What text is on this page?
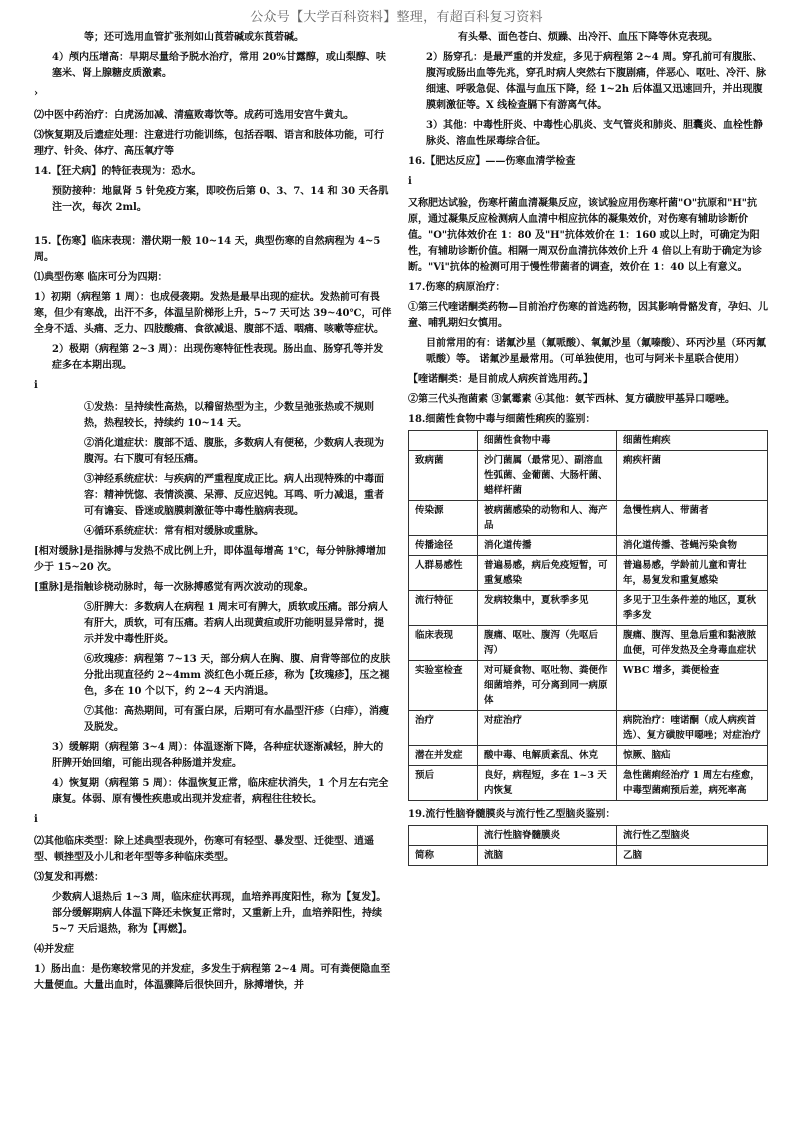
公众号【大学百科资料】整理，有超百科复习资料
等；还可选用血管扩张剂如山莨菪碱或东莨菪碱。
4）颅内压增高：早期尽量给予脱水治疗，常用 20%甘露醇，或山梨醇、呋塞米、肾上腺糖皮质激素。
›
⑵中医中药治疗：白虎汤加减、清瘟败毒饮等。成药可选用安宫牛黄丸。
⑶恢复期及后遗症处理：注意进行功能训练，包括吞咽、语言和肢体功能，可行理疗、针灸、体疗、高压氧疗等
14.【狂犬病】的特征表现为：恐水。
预防接种：地鼠肾 5 针免疫方案，即咬伤后第 0、3、7、14 和 30 天各肌注一次，每次 2ml。
15.【伤寒】临床表现：潜伏期一般 10~14 天，典型伤寒的自然病程为 4~5 周。
⑴典型伤寒 临床可分为四期：
1）初期（病程第 1 周）：也成侵袭期。发热是最早出现的症状。发热前可有畏寒，但少有寒战，出汗不多，体温呈阶梯形上升，5~7 天可达 39~40℃，可伴全身不适、头痛、乏力、四肢酸痛、食欲减退、腹部不适、咽痛、咳嗽等症状。
2）极期（病程第 2~3 周）：出现伤寒特征性表现。肠出血、肠穿孔等并发症多在本期出现。
ⅰ
①发热：呈持续性高热，以稽留热型为主，少数呈弛张热或不规则热，热程较长，持续约 10~14 天。
②消化道症状：腹部不适、腹胀，多数病人有便秘，少数病人表现为腹泻。右下腹可有轻压痛。
③神经系统症状：与疾病的严重程度成正比。病人出现特殊的中毒面容：精神恍惚、表情淡漠、呆滞、反应迟钝。耳鸣、听力减退，重者可有谵妄、昏迷或脑膜刺激征等中毒性脑病表现。
④循环系统症状：常有相对缓脉或重脉。
[相对缓脉]是指脉搏与发热不成比例上升，即体温每增高 1℃，每分钟脉搏增加少于 15~20 次。
[重脉]是指触诊桡动脉时，每一次脉搏感觉有两次波动的现象。
⑤肝脾大：多数病人在病程 1 周末可有脾大，质软或压痛。部分病人有肝大，质软，可有压痛。若病人出现黄疸或肝功能明显异常时，提示并发中毒性肝炎。
⑥玫瑰疹：病程第 7~13 天，部分病人在胸、腹、肩背等部位的皮肤分批出现直径约 2~4mm 淡红色小斑丘疹，称为【玫瑰疹】，压之褪色，多在 10 个以下，约 2~4 天内消退。
⑦其他：高热期间，可有蛋白尿，后期可有水晶型汗疹（白痱），消瘦及脱发。
3）缓解期（病程第 3~4 周）：体温逐渐下降，各种症状逐渐减轻，肿大的肝脾开始回缩，可能出现各种肠道并发症。
4）恢复期（病程第 5 周）：体温恢复正常，临床症状消失，1 个月左右完全康复。体弱、原有慢性疾患或出现并发症者，病程往往较长。
ⅰ
⑵其他临床类型：除上述典型表现外，伤寒可有轻型、暴发型、迁徙型、逍遥型、顿挫型及小儿和老年型等多种临床类型。
⑶复发和再燃：
少数病人退热后 1~3 周，临床症状再现，血培养再度阳性，称为【复发】。部分缓解期病人体温下降还未恢复正常时，又重新上升，血培养阳性，持续 5~7 天后退热，称为【再燃】。
⑷并发症
1）肠出血：是伤寒较常见的并发症，多发生于病程第 2~4 周。可有粪便隐血至大量便血。大量出血时，体温骤降后很快回升，脉搏增快，并
有头晕、面色苍白、烦躁、出冷汗、血压下降等休克表现。
2）肠穿孔：是最严重的并发症，多见于病程第 2~4 周。穿孔前可有腹胀、腹泻或肠出血等先兆，穿孔时病人突然右下腹剧痛，伴恶心、呕吐、冷汗、脉细速、呼吸急促、体温与血压下降，经 1~2h 后体温又迅速回升，并出现腹膜刺激征等。X 线检查膈下有游离气体。
3）其他：中毒性肝炎、中毒性心肌炎、支气管炎和肺炎、胆囊炎、血栓性静脉炎、溶血性尿毒综合征。
16.【肥达反应】——伤寒血清学检查
ⅰ
又称肥达试验，伤寒杆菌血清凝集反应，该试验应用伤寒杆菌"O"抗原和"H"抗原，通过凝集反应检测病人血清中相应抗体的凝集效价，对伤寒有辅助诊断价值。"O"抗体效价在 1：80 及"H"抗体效价在 1：160 或以上时，可确定为阳性，有辅助诊断价值。相隔一周双份血清抗体效价上升 4 倍以上有助于确定为诊断。"Vi"抗体的检测可用于慢性带菌者的调查，效价在 1：40 以上有意义。
17.伤寒的病原治疗：
①第三代喹诺酮类药物—目前治疗伤寒的首选药物，因其影响骨骼发育，孕妇、儿童、哺乳期妇女慎用。
目前常用的有：诺氟沙星（氟哌酸）、氧氟沙星（氟嗪酸）、环丙沙星（环丙氟哌酸）等。 诺氟沙星最常用。（可单独使用，也可与阿米卡星联合使用）
【喹诺酮类：是目前成人病疾首选用药。】
②第三代头孢菌素 ③氯霉素 ④其他：氨苄西林、复方磺胺甲基异口噁唑。
18.细菌性食物中毒与细菌性痢疾的鉴别：
	细菌性食物中毒	细菌性痢疾
致病菌	沙门菌属（最常见）、副溶血性弧菌、金葡菌、大肠杆菌、蜡样杆菌	痢疾杆菌
传染源	被病菌感染的动物和人、海产品	急慢性病人、带菌者
传播途径	消化道传播	消化道传播、苍蝇污染食物
人群易感性	普遍易感，病后免疫短暂，可重复感染	普遍易感，学龄前儿童和青壮年，易复发和重复感染
流行特征	发病较集中，夏秋季多见	多见于卫生条件差的地区，夏秋季多发
临床表现	腹痛、呕吐、腹泻（先呕后泻）	腹痛、腹泻、里急后重和黏液脓血便，可伴发热及全身毒血症状
实验室检查	对可疑食物、呕吐物、粪便作细菌培养，可分离到同一病原体	WBC 增多，粪便检查
治疗	对症治疗	病院治疗：喹诺酮（成人病疾首选）、复方磺胺甲噁唑；对症治疗
潜在并发症	酸中毒、电解质紊乱、休克	惊厥、脑疝
预后	良好，病程短，多在 1~3 天内恢复	急性菌痢经治疗 1 周左右痊愈，中毒型菌痢预后差，病死率高
19.流行性脑脊髓膜炎与流行性乙型脑炎鉴别：
	流行性脑脊髓膜炎	流行性乙型脑炎
简称	流脑	乙脑
